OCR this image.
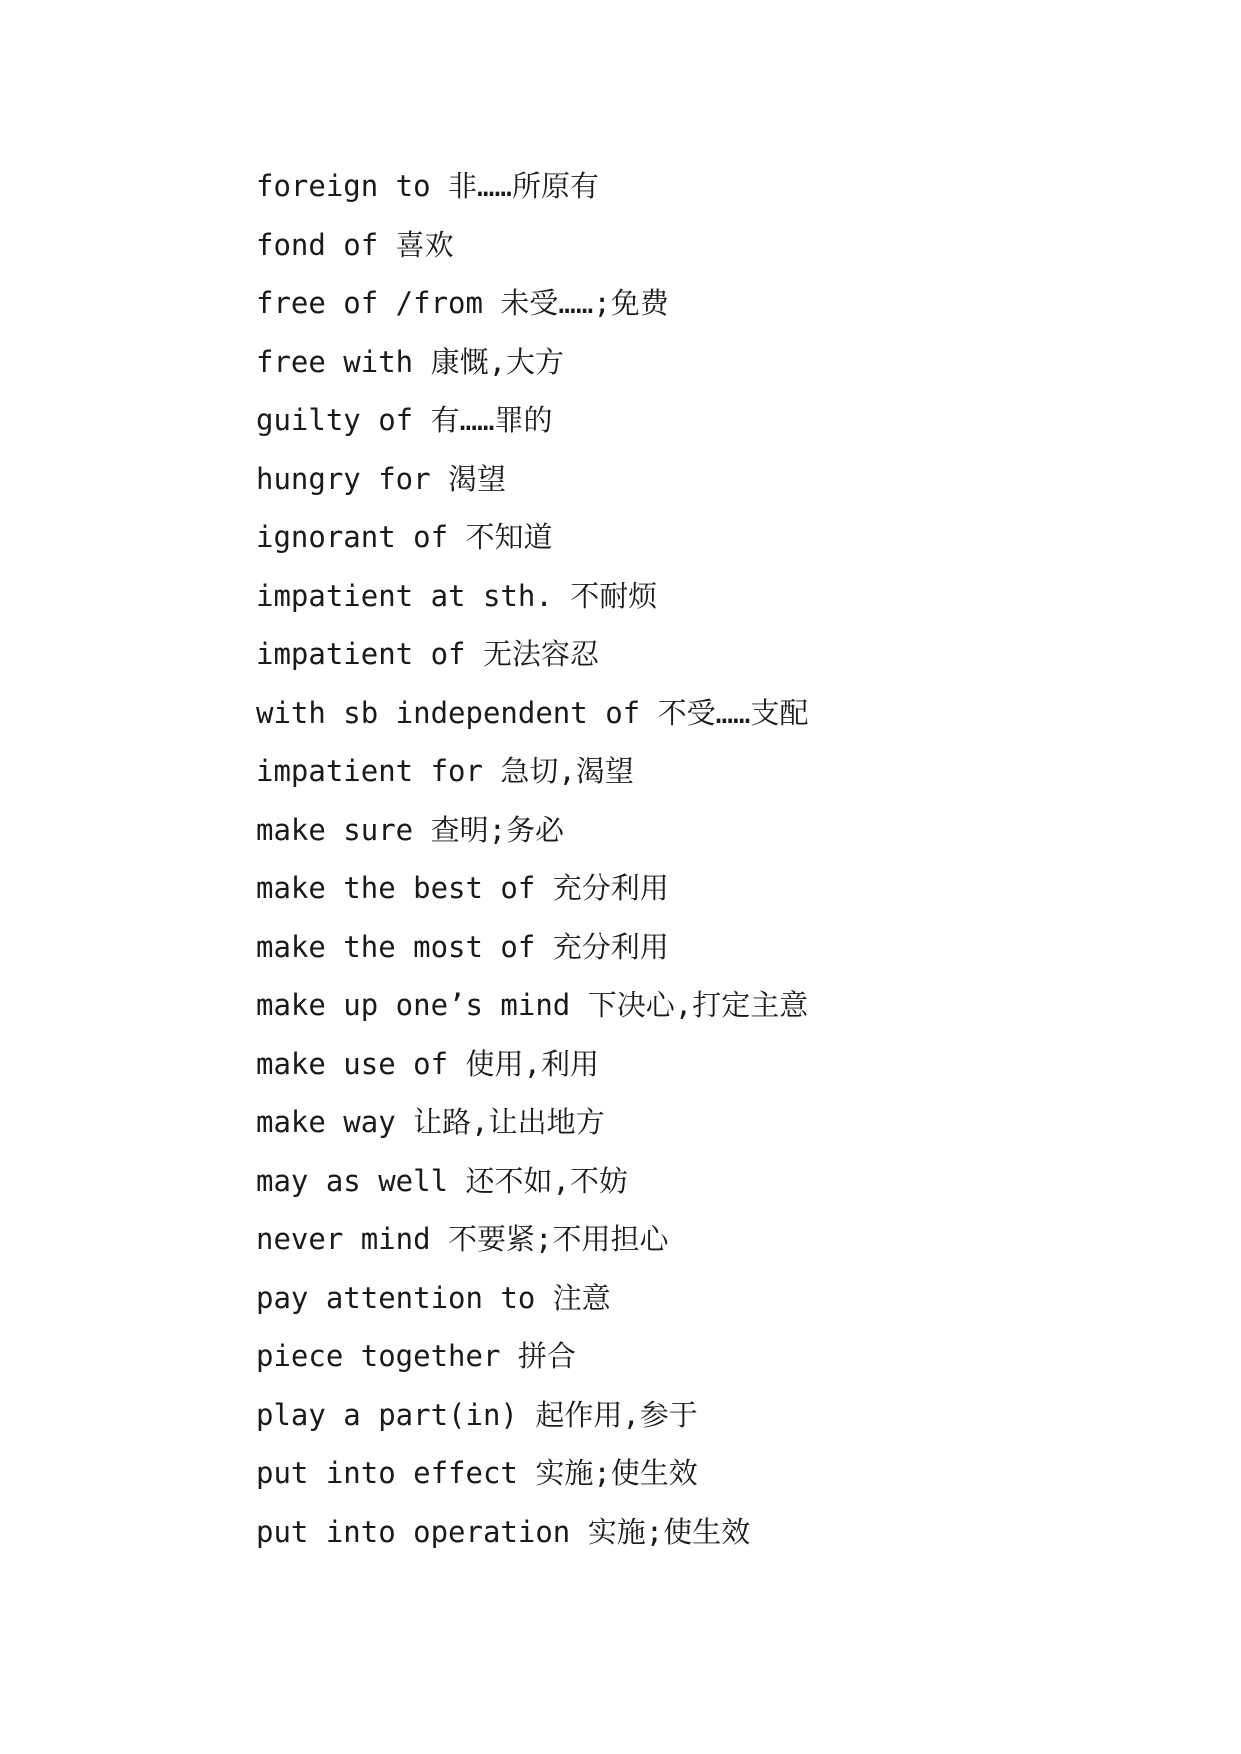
foreign to 非……所原有
fond of 喜欢
free of /from 未受……;免费
free with 康慨,大方
guilty of 有……罪的
hungry for 渴望
ignorant of 不知道
impatient at sth. 不耐烦
impatient of 无法容忍
with sb independent of 不受……支配
impatient for 急切,渴望
make sure 查明;务必
make the best of 充分利用
make the most of 充分利用
make up one’s mind 下决心,打定主意
make use of 使用,利用
make way 让路,让出地方
may as well 还不如,不妨
never mind 不要紧;不用担心
pay attention to 注意
piece together 拼合
play a part(in) 起作用,参于
put into effect 实施;使生效
put into operation 实施;使生效
